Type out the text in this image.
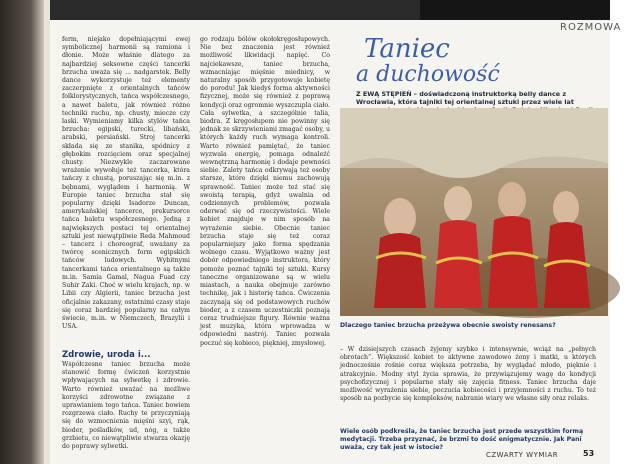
ROZMOWA
ferm, niejako dopełniającymi ewej symbolicznej harmonii są ramiona i dłonie. Może właśnie dlatego za najbardziej seksowne części tancerki brzucha uważa się ... nadgarstek. Belly dance wykorzystuje też elementy zaczerpnięte z orientalnych tańców folklorystycznych, tańca współczesnego, a nawet baletu, jak również różne techniki ruchu, np. chusty, miecze czy laski. Wymieniamy kilka stylów tańca brzucha: egipski, turecki, libański, arabski, persiański. Stroj tancerki składa się ze stanika, spódnicy z głębokim rozcięciem oraz specjalnej chusty. Niezwykle zaczarowane wrażenie wywołuje też tancerka, która tańczy z chustą, poruszając się m.in. z bębnami, wyglądem i harmonią. W Europie taniec brzucha stał się popularny dzięki Isadorze Duncan, amerykańskiej tancerce, prekursorce tańca baletu współczesnego. Jedną z największych postaci tej orientalnej sztuki jest niewątpliwie Reda Mahmoud – tancerz i choreograf, uważany za twórcę scenicznych form egipskich tańców ludowych. Wybitnymi tancerkami tańca orientalnego są także m.in. Samia Gamal, Nagua Fuad czy Suhir Zaki. Choć w wielu krajach, np. w Libii czy Algierii, taniec brzucha jest oficjalnie zakazany, ostatnimi czasy staje się coraz bardziej popularny na całym świecie, m.in. w Niemczech, Brazylii i USA.
Zdrowie, uroda i...
Współczesne taniec brzucha może stanowić formę ćwiczeń korzystnie wpływających na sylwetkę i zdrowie. Warto również uważać na możliwe korzyści zdrowotne związane z uprawianiem tego tańca. Taniec bowiem rozgrzewa ciało. Ruchy te przyczyniają się do wzmocnienia mięśni szyi, rąk, bioder, pośladków, ud, nóg, a także grzbietu, co niewątpliwie stwarza okazję do poprawy sylwetki.
go rodzaju bólów okołokręgosłupowych. Nie bez znaczenia jest również możliwość likwidacji napięć. Co najciekawsze, taniec brzucha, wzmacniając mięśnie miednicy, w naturalny sposób przygotowuje kobietę do porodu! Jak kiedyś forma aktywności fizycznej, może się również z poprawą kondycji oraz ogromnie wyszczupla ciało. Cała sylwetka, a szczególnie talia, biodra. Z kręgosłupem nie powinny się jednak ze skrzywieniami zmagać osoby, u których każdy ruch wymaga kontroli. Warto również pamiętać, że taniec wyzwala energię, pomaga odnaleźć wewnętrzną harmonię i dodaje pewności siebie. Zalety tańca odkrywają też osoby starsze, które dzięki niemu zachowują sprawność. Taniec może też stać się swoistą terapią, gdyż uwalnia od codziennych problemów, pozwala oderwać się od rzeczywistości. Wiele kobiet znajduje w nim sposób na wyrażenie siebie. Obecnie taniec brzucha staje się też coraz popularniejszy jako forma spędzania wolnego czasu. Wyjątkowo ważny jest dobór odpowiedniego instruktora, który pomoże poznać tajniki tej sztuki. Kursy taneczne organizowane są w wielu miastach, a nauka obejmuje zarówno technikę, jak i historię tańca. Ćwiczenia zaczynają się od podstawowych ruchów bioder, a z czasem uczestniczki poznają coraz trudniejsze figury. Równie ważna jest muzyka, która wprowadza w odpowiedni nastrój. Taniec pozwala poczuć się kobieco, piękniej, zmysłowej.
Taniec
a duchowość
Z EWĄ STĘPIEŃ – doświadczoną instruktorką belly dance z Wrocławia, która tajniki tej orientalnej sztuki przez wiele lat
Dlaczego taniec brzucha przeżywa obecnie swoisty renesans?
– W dzisiejszych czasach żyjemy szybko i intensywnie, wciąż na „pełnych obrotach”. Większość kobiet to aktywne zawodowo żony i matki, u których jednocześnie rośnie coraz większa potrzeba, by wyglądać młodo, pięknie i atrakcyjnie. Modny styl życia sprawia, że przywiązujemy wagę do kondycji psychofizycznej i popularne stały się zajęcia fitness. Taniec brzucha daje możliwość wyrażenia siebie, poczucia kobiecości i przyjemności z ruchu. To też sposób na pozbycie się kompleksów, nabranie wiary we własne siły oraz relaks.
Wiele osób podkreśla, że taniec brzucha jest przede wszystkim formą medytacji. Trzeba przyznać, że brzmi to dość enigmatycznie. Jak Pani uważa, czy tak jest w istocie?
CZWARTY WYMIAR	53
